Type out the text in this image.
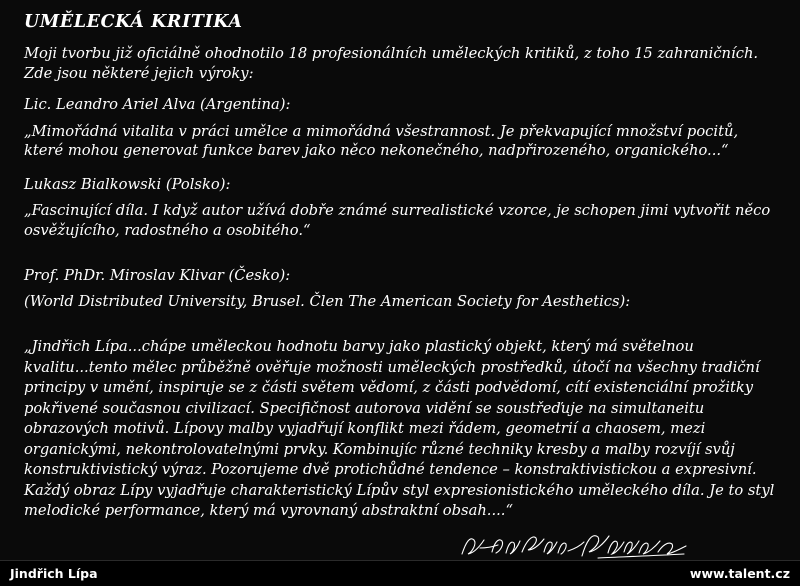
UMĚLECKÁ KRITIKA
Moji tvorbu již oficiálně ohodnotilo 18 profesionálních uměleckých kritiků, z toho 15 zahraničních. Zde jsou některé jejich výroky:
Lic. Leandro Ariel Alva (Argentina):
„Mimořádná vitalita v práci umělce a mimořádná všestrannost. Je překvapující množství pocitů, které mohou generovat funkce barev jako něco nekonečného, nadpřirozeného, organického...“
Lukasz Bialkowski (Polsko):
„Fascinující díla. I když autor užívá dobře známé surrealistické vzorce, je schopen jimi vytvořit něco osvěžujícího, radostného a osobitého.“
Prof. PhDr. Miroslav Klivar (Česko):
(World Distributed University, Brusel. Člen The American Society for Aesthetics):
„Jindřich Lípa...chápe uměleckou hodnotu barvy jako plastický objekt, který má světelnou kvalitu...tento mělec průběžně ověřuje možnosti uměleckých prostředků, útočí na všechny tradiční principy v umění, inspiruje se z části světem vědomí, z části podvědomí, cítí existenciální prožitky pokřivené současnou civilizací. Specifičnost autorova vidění se soustřeďuje na simultaneitu obrazových motivů. Lípovy malby vyjadřují konflikt mezi řádem, geometrií a chaosem, mezi organickými, nekontrolovatelnými prvky. Kombinujíc různé techniky kresby a malby rozvíjí svůj konstruktivistický výraz. Pozorujeme dvě protichůdné tendence – konstraktivistickou a expresivní. Každý obraz Lípy vyjadřuje charakteristický Lípův styl expresionistického uměleckého díla. Je to styl melodické performance, který má vyrovnaný abstraktní obsah....“
Jindřich Lípa	www.talent.cz
